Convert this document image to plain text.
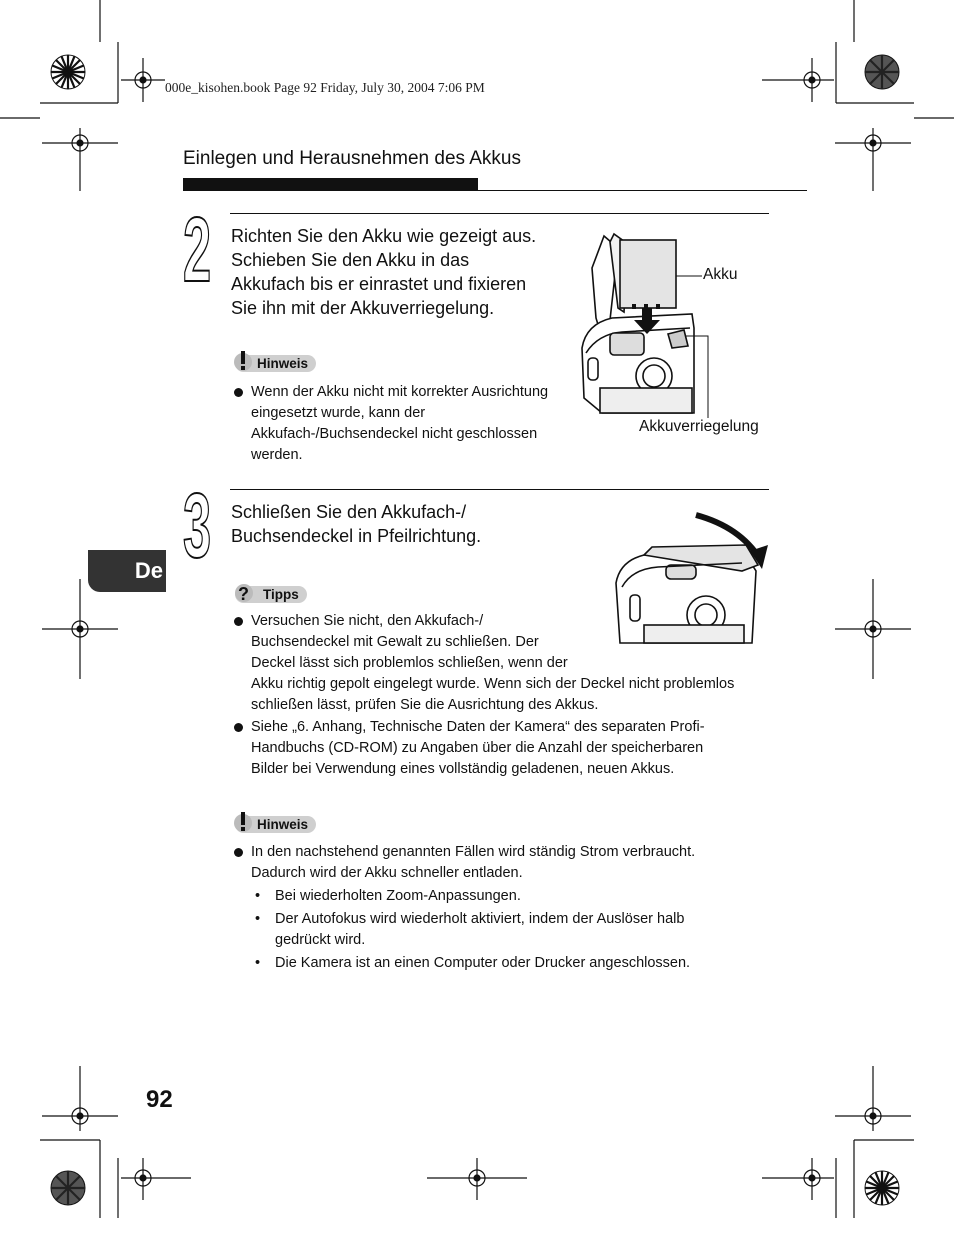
000e_kisohen.book Page 92 Friday, July 30, 2004 7:06 PM
Einlegen und Herausnehmen des Akkus
2 Richten Sie den Akku wie gezeigt aus.
Schieben Sie den Akku in das
Akkufach bis er einrastet und fixieren
Sie ihn mit der Akkuverriegelung.
Hinweis
Wenn der Akku nicht mit korrekter Ausrichtung eingesetzt wurde, kann der Akkufach-/Buchsendeckel nicht geschlossen werden.
Akku
Akkuverriegelung
De 3 Schließen Sie den Akkufach-/
Buchsendeckel in Pfeilrichtung.
? Tipps
Versuchen Sie nicht, den Akkufach-/
Buchsendeckel mit Gewalt zu schließen. Der
Deckel lässt sich problemlos schließen, wenn der
Akku richtig gepolt eingelegt wurde. Wenn sich der Deckel nicht problemlos
schließen lässt, prüfen Sie die Ausrichtung des Akkus.
Siehe „6. Anhang, Technische Daten der Kamera“ des separaten Profi-Handbuchs (CD-ROM) zu Angaben über die Anzahl der speicherbaren Bilder bei Verwendung eines vollständig geladenen, neuen Akkus.
Hinweis
In den nachstehend genannten Fällen wird ständig Strom verbraucht. Dadurch wird der Akku schneller entladen.
• Bei wiederholten Zoom-Anpassungen.
• Der Autofokus wird wiederholt aktiviert, indem der Auslöser halb gedrückt wird.
• Die Kamera ist an einen Computer oder Drucker angeschlossen.
92
